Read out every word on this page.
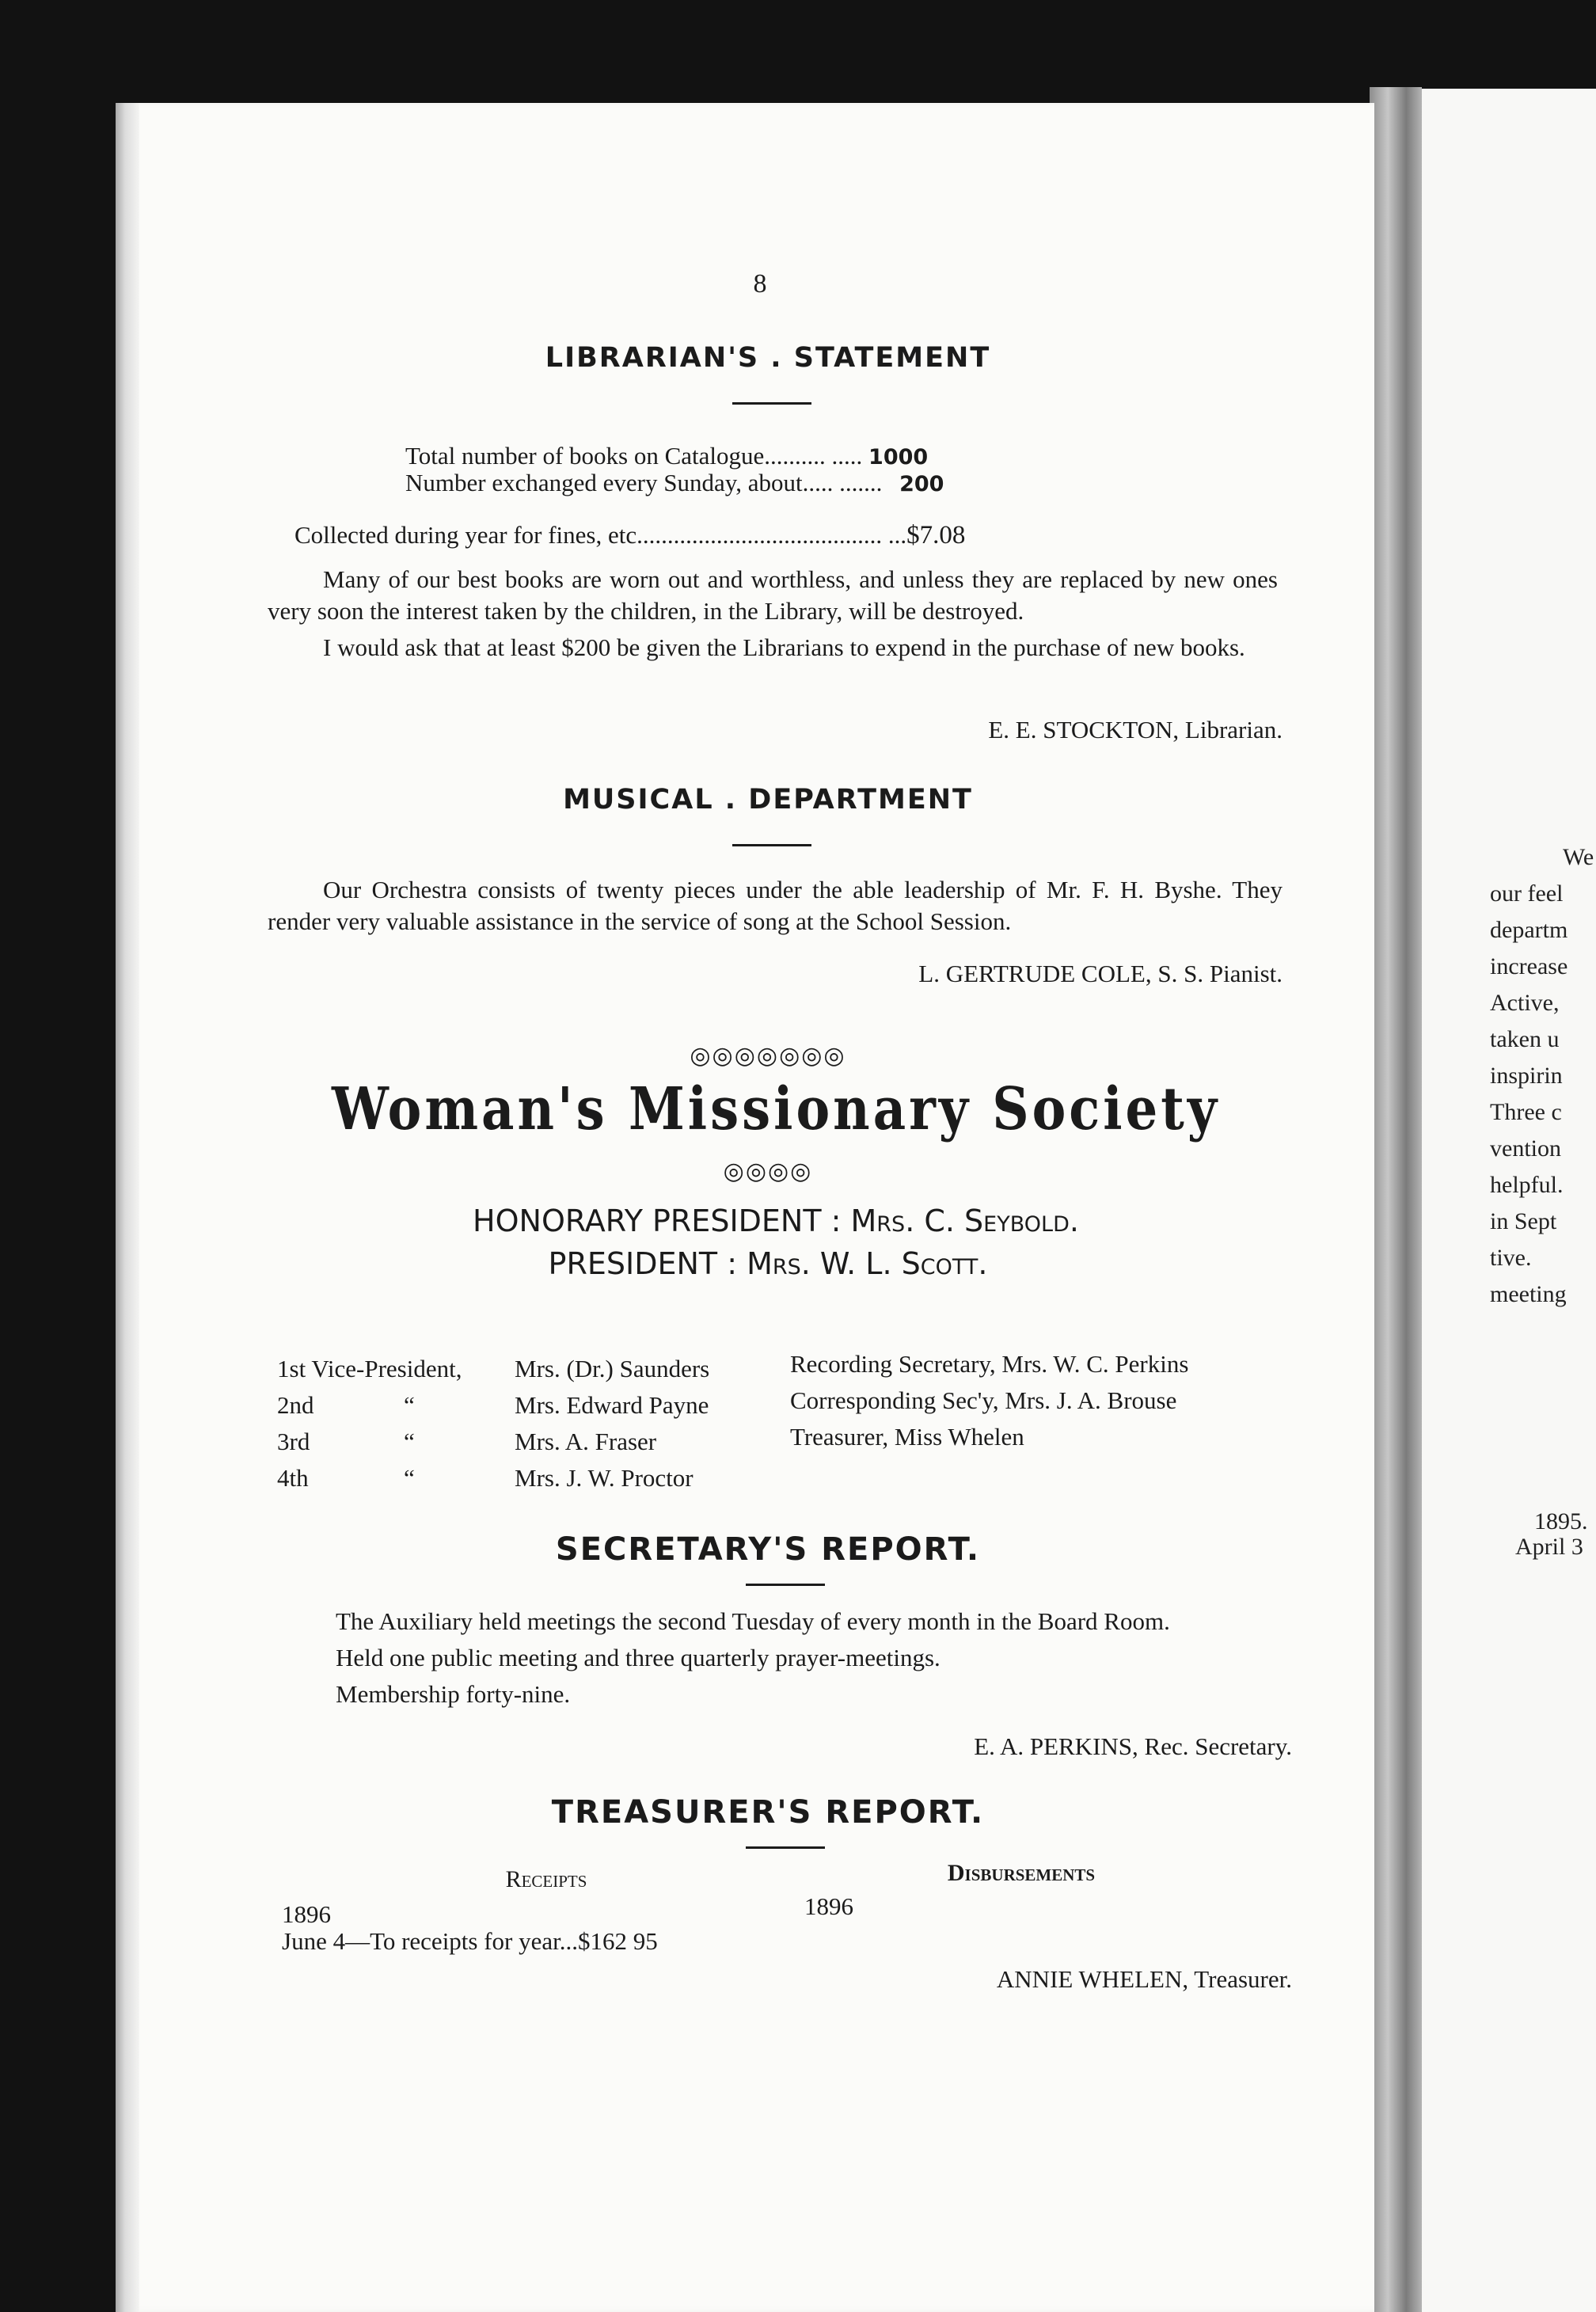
8
LIBRARIAN'S . STATEMENT
Total number of books on Catalogue.......... ..... 1000
Number exchanged every Sunday, about..... ....... 200
Collected during year for fines, etc........................................ ...$7.08

Many of our best books are worn out and worthless, and unless they are replaced by new ones very soon the interest taken by the children, in the Library, will be destroyed.

I would ask that at least $200 be given the Librarians to expend in the purchase of new books.

E. E. STOCKTON, Librarian.
MUSICAL . DEPARTMENT

Our Orchestra consists of twenty pieces under the able leadership of Mr. F. H. Byshe. They render very valuable assistance in the service of song at the School Session.

L. GERTRUDE COLE, S. S. Pianist.
◎◎◎◎◎◎◎
Woman's Missionary Society
◎◎◎◎
HONORARY PRESIDENT : Mrs. C. Seybold.
PRESIDENT : Mrs. W. L. Scott.
1st Vice-President, Mrs. (Dr.) Saunders
2nd	“	Mrs. Edward Payne
3rd	“	Mrs. A. Fraser
4th	“	Mrs. J. W. Proctor
Recording Secretary, Mrs. W. C. Perkins
Corresponding Sec'y, Mrs. J. A. Brouse
Treasurer, Miss Whelen
SECRETARY'S REPORT.

The Auxiliary held meetings the second Tuesday of every month in the Board Room.

Held one public meeting and three quarterly prayer-meetings.

Membership forty-nine.

E. A. PERKINS, Rec. Secretary.
TREASURER'S REPORT.
Receipts	Disbursements
1896	1896
June 4—To receipts for year...$162 95
ANNIE WHELEN, Treasurer.
We
our feel
departm
increase
Active,
taken u
inspirin
Three c
vention
helpful.
in Sept
tive.
meeting
1895.
April 3
